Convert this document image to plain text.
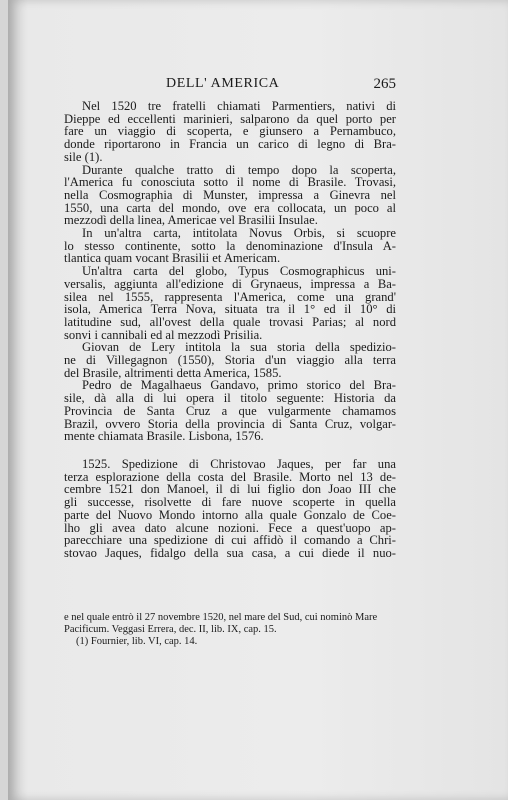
DELL' AMERICA	265

Nel 1520 tre fratelli chiamati Parmentiers, nativi di
Dieppe ed eccellenti marinieri, salparono da quel porto per
fare un viaggio di scoperta, e giunsero a Pernambuco,
donde riportarono in Francia un carico di legno di Bra-
sile (1).

Durante qualche tratto di tempo dopo la scoperta,
l'America fu conosciuta sotto il nome di Brasile. Trovasi,
nella Cosmographia di Munster, impressa a Ginevra nel
1550, una carta del mondo, ove era collocata, un poco al
mezzodì della linea, Americae vel Brasilii Insulae.

In un'altra carta, intitolata Novus Orbis, si scuopre
lo stesso continente, sotto la denominazione d'Insula A-
tlantica quam vocant Brasilii et Americam.

Un'altra carta del globo, Typus Cosmographicus uni-
versalis, aggiunta all'edizione di Grynaeus, impressa a Ba-
silea nel 1555, rappresenta l'America, come una grand'
isola, America Terra Nova, situata tra il 1° ed il 10° di
latitudine sud, all'ovest della quale trovasi Parias; al nord
sonvi i cannibali ed al mezzodì Prisilia.

Giovan de Lery intitola la sua storia della spedizio-
ne di Villegagnon (1550), Storia d'un viaggio alla terra
del Brasile, altrimenti detta America, 1585.

Pedro de Magalhaeus Gandavo, primo storico del Bra-
sile, dà alla di lui opera il titolo seguente: Historia da
Provincia de Santa Cruz a que vulgarmente chamamos
Brazil, ovvero Storia della provincia di Santa Cruz, volgar-
mente chiamata Brasile. Lisbona, 1576.

1525. Spedizione di Christovao Jaques, per far una
terza esplorazione della costa del Brasile. Morto nel 13 de-
cembre 1521 don Manoel, il di lui figlio don Joao III che
gli successe, risolvette di fare nuove scoperte in quella
parte del Nuovo Mondo intorno alla quale Gonzalo de Coe-
lho gli avea dato alcune nozioni. Fece a quest'uopo ap-
parecchiare una spedizione di cui affidò il comando a Chri-
stovao Jaques, fidalgo della sua casa, a cui diede il nuo-

e nel quale entrò il 27 novembre 1520, nel mare del Sud, cui nominò Mare
Pacificum. Veggasi Errera, dec. II, lib. IX, cap. 15.
(1) Fournier, lib. VI, cap. 14.
